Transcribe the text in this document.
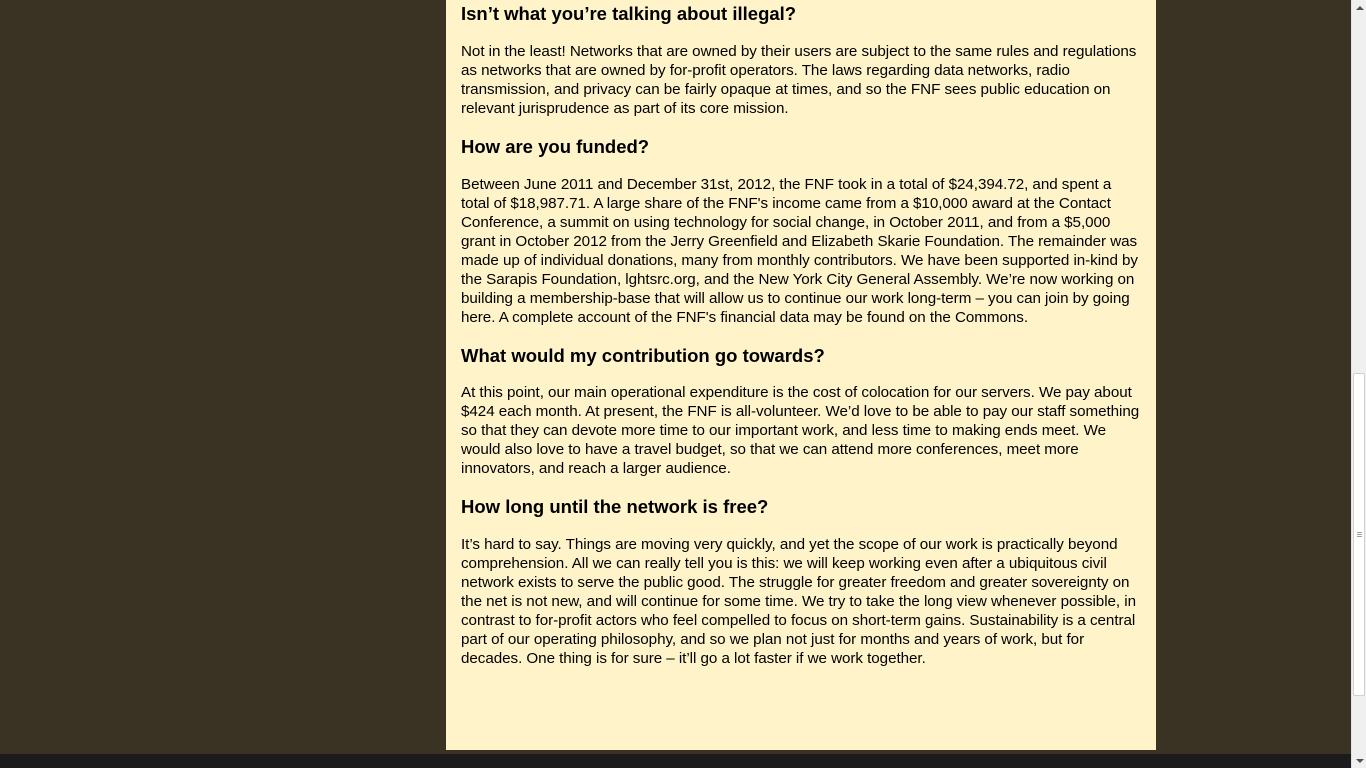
Isn’t what you’re talking about illegal?

Not in the least! Networks that are owned by their users are subject to the same rules and regulations as networks that are owned by for-profit operators. The laws regarding data networks, radio transmission, and privacy can be fairly opaque at times, and so the FNF sees public education on relevant jurisprudence as part of its core mission.

How are you funded?

Between June 2011 and December 31st, 2012, the FNF took in a total of $24,394.72, and spent a total of $18,987.71. A large share of the FNF's income came from a $10,000 award at the Contact Conference, a summit on using technology for social change, in October 2011, and from a $5,000 grant in October 2012 from the Jerry Greenfield and Elizabeth Skarie Foundation. The remainder was made up of individual donations, many from monthly contributors. We have been supported in-kind by the Sarapis Foundation, lghtsrc.org, and the New York City General Assembly. We’re now working on building a membership-base that will allow us to continue our work long-term – you can join by going here. A complete account of the FNF's financial data may be found on the Commons.

What would my contribution go towards?

At this point, our main operational expenditure is the cost of colocation for our servers. We pay about $424 each month. At present, the FNF is all-volunteer. We’d love to be able to pay our staff something so that they can devote more time to our important work, and less time to making ends meet. We would also love to have a travel budget, so that we can attend more conferences, meet more innovators, and reach a larger audience.

How long until the network is free?

It’s hard to say. Things are moving very quickly, and yet the scope of our work is practically beyond comprehension. All we can really tell you is this: we will keep working even after a ubiquitous civil network exists to serve the public good. The struggle for greater freedom and greater sovereignty on the net is not new, and will continue for some time. We try to take the long view whenever possible, in contrast to for-profit actors who feel compelled to focus on short-term gains. Sustainability is a central part of our operating philosophy, and so we plan not just for months and years of work, but for decades. One thing is for sure – it’ll go a lot faster if we work together.
